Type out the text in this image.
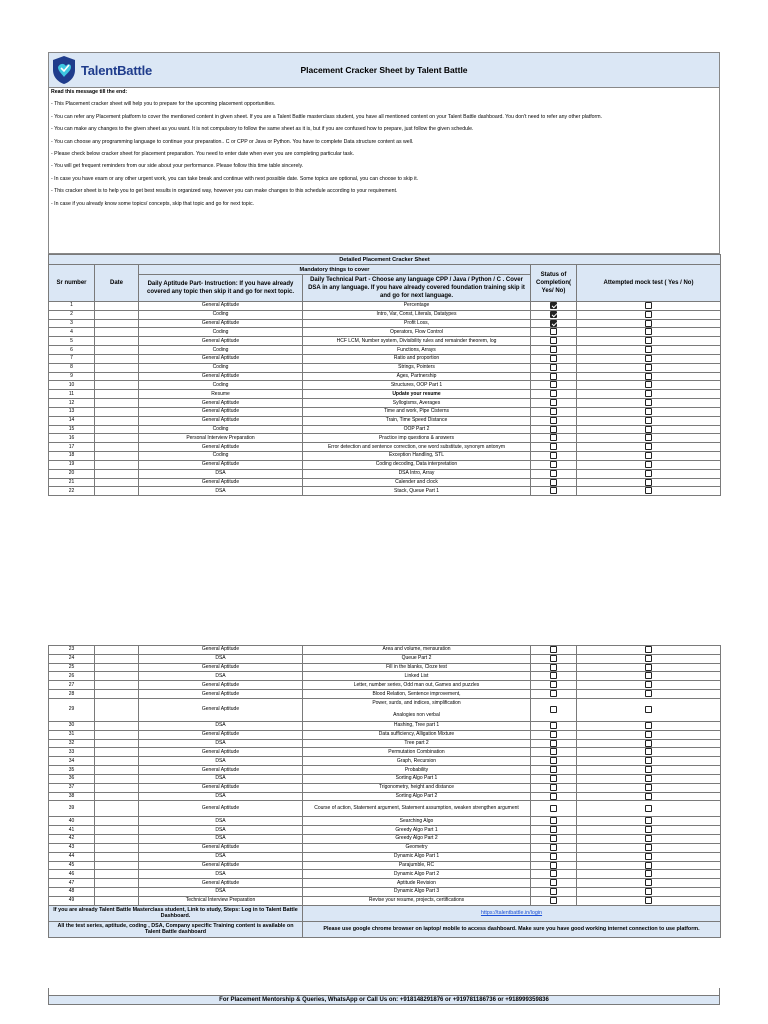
TalentBattle	Placement Cracker Sheet by Talent Battle
Read this message till the end:

- This Placement cracker sheet will help you to prepare for the upcoming placement opportunities.

- You can refer any Placement platform to cover the mentioned content in given sheet. If you are a Talent Battle masterclass student, you have all mentioned content on your Talent Battle dashboard. You don't need to refer any other platform.

- You can make any changes to the given sheet as you want. It is not compulsory to follow the same sheet as it is, but if you are confused how to prepare, just follow the given schedule.

- You can choose any programming language to continue your preparation.. C or CPP or Java or Python. You have to complete Data structure content as well.

- Please check below cracker sheet for placement preparation. You need to enter date when ever you are completing particular task.

- You will get frequent reminders from our side about your performance. Please follow this time table sincerely.

- In case you have exam or any other urgent work, you can take break and continue with next possible date. Some topics are optional, you can choose to skip it.

- This cracker sheet is to help you to get best results in organized way, however you can make changes to this schedule according to your requirement.

- In case if you already know some topics/ concepts, skip that topic and go for next topic.

Detailed Placement Cracker Sheet					
Sr number	Date	Mandatory things to cover		Status of Completion( Yes/ No)	Attempted mock test ( Yes / No)
		Daily Aptitude Part- Instruction: If you have already covered any topic then skip it and go for next topic.	Daily Technical Part - Choose any language CPP / Java / Python / C . Cover DSA in any language. If you have already covered foundation training skip it and go for next language.		
1		General Aptitude	Percentage		
2		Coding	Intro, Var, Const, Literals, Datatypes		
3		General Aptitude	Profit Loss,		
4		Coding	Operators, Flow Control		
5		General Aptitude	HCF LCM, Number system, Divisibility rules and remainder theorem, log		
6		Coding	Functions, Arrays		
7		General Aptitude	Ratio and proportion		
8		Coding	Strings, Pointers		
9		General Aptitude	Ages, Partnership		
10		Coding	Structures, OOP Part 1		
11		Resume	Update your resume		
12		General Aptitude	Syllogisms, Averages		
13		General Aptitude	Time and work, Pipe Cisterns		
14		General Aptitude	Train, Time Speed Distance		
15		Coding	OOP Part 2		
16		Personal Interview Preparation	Practice imp questions & answers		
17		General Aptitude	Error detection and sentence correction, one word substitute, synonym antonym		
18		Coding	Exception Handling, STL		
19		General Aptitude	Coding decoding, Data interpretation		
20		DSA	DSA Intro, Array		
21		General Aptitude	Calender and clock		
22		DSA	Stack, Queue Part 1		
23		General Aptitude	Area and volume, mensuration		
24		DSA	Queue Part 2		
25		General Aptitude	Fill in the blanks, Cloze test		
26		DSA	Linked List		
27		General Aptitude	Letter, number series, Odd man out, Games and puzzles		
28		General Aptitude	Blood Relation, Sentence improvement,		
29		General Aptitude	Power, surds, and indices, simplification
Analogies non verbal		

30		DSA	Hashing, Tree part 1		
31		General Aptitude	Data sufficiency, Alligation Mixture		
32		DSA	Tree part 2		
33		General Aptitude	Permutation Combination		
34		DSA	Graph, Recursion		
35		General Aptitude	Probability		
36		DSA	Sorting Algo Part 1		
37		General Aptitude	Trigonometry, height and distance		
38		DSA	Sorting Algo Part 2		
39		General Aptitude	Course of action, Statement argument, Statement assumption, weaken strengthen argument		
40		DSA	Searching Algo		
41		DSA	Greedy Algo Part 1		
42		DSA	Greedy Algo Part 2		
43		General Aptitude	Geometry		
44		DSA	Dynamic Algo Part 1		
45		General Aptitude	Parajumble, RC		
46		DSA	Dynamic Algo Part 2		
47		General Aptitude	Aptitude Revision		
48		DSA	Dynamic Algo Part 3		
49		Technical Interview Preparation	Revise your resume, projects, certifications		
If you are already Talent Battle Masterclass student, Link to study, Steps: Log in to Talent Battle Dashboard.			https://talentbattle.in/login		
All the test series, aptitude, coding , DSA, Company specific Training content is available on Talent Battle dashboard			Please use google chrome browser on laptop/ mobile to access dashboard. Make sure you have good working internet connection to use platform.		
For Placement Mentorship & Queries, WhatsApp or Call Us on: +918148291876 or +919781186736 or +918999359836
